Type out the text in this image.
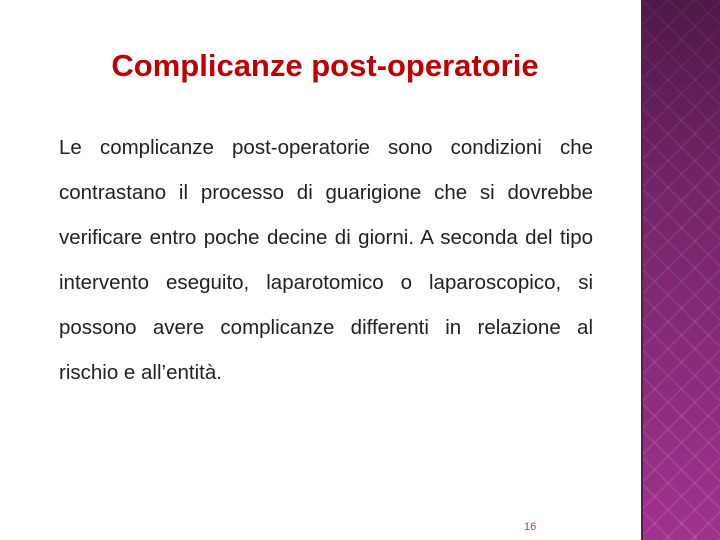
Complicanze post-operatorie

Le complicanze post-operatorie sono condizioni che contrastano il processo di guarigione che si dovrebbe verificare entro poche decine di giorni. A seconda del tipo intervento eseguito, laparotomico o laparoscopico, si possono avere complicanze differenti in relazione al rischio e all’entità.

16
